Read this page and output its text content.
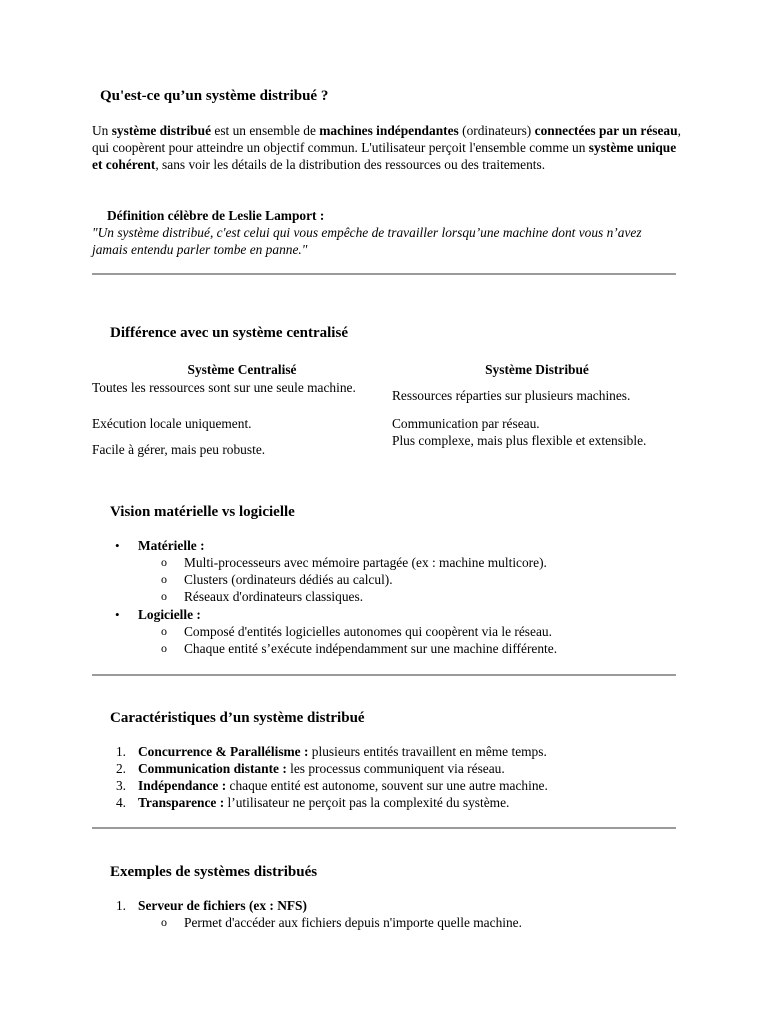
Qu'est-ce qu’un système distribué ?
Un système distribué est un ensemble de machines indépendantes (ordinateurs) connectées par un réseau, qui coopèrent pour atteindre un objectif commun. L'utilisateur perçoit l'ensemble comme un système unique et cohérent, sans voir les détails de la distribution des ressources ou des traitements.
Définition célèbre de Leslie Lamport :
"Un système distribué, c'est celui qui vous empêche de travailler lorsqu’une machine dont vous n’avez jamais entendu parler tombe en panne."
Différence avec un système centralisé
Système Centralisé	Système Distribué
Toutes les ressources sont sur une seule machine.
Ressources réparties sur plusieurs machines.
Exécution locale uniquement.	Communication par réseau.
Facile à gérer, mais peu robuste.
Plus complexe, mais plus flexible et extensible.
Vision matérielle vs logicielle
• Matérielle :
o Multi-processeurs avec mémoire partagée (ex : machine multicore).
o Clusters (ordinateurs dédiés au calcul).
o Réseaux d'ordinateurs classiques.
• Logicielle :
o Composé d'entités logicielles autonomes qui coopèrent via le réseau.
o Chaque entité s’exécute indépendamment sur une machine différente.
Caractéristiques d’un système distribué
1. Concurrence & Parallélisme : plusieurs entités travaillent en même temps.
2. Communication distante : les processus communiquent via réseau.
3. Indépendance : chaque entité est autonome, souvent sur une autre machine.
4. Transparence : l’utilisateur ne perçoit pas la complexité du système.
Exemples de systèmes distribués
1. Serveur de fichiers (ex : NFS)
o Permet d'accéder aux fichiers depuis n'importe quelle machine.
